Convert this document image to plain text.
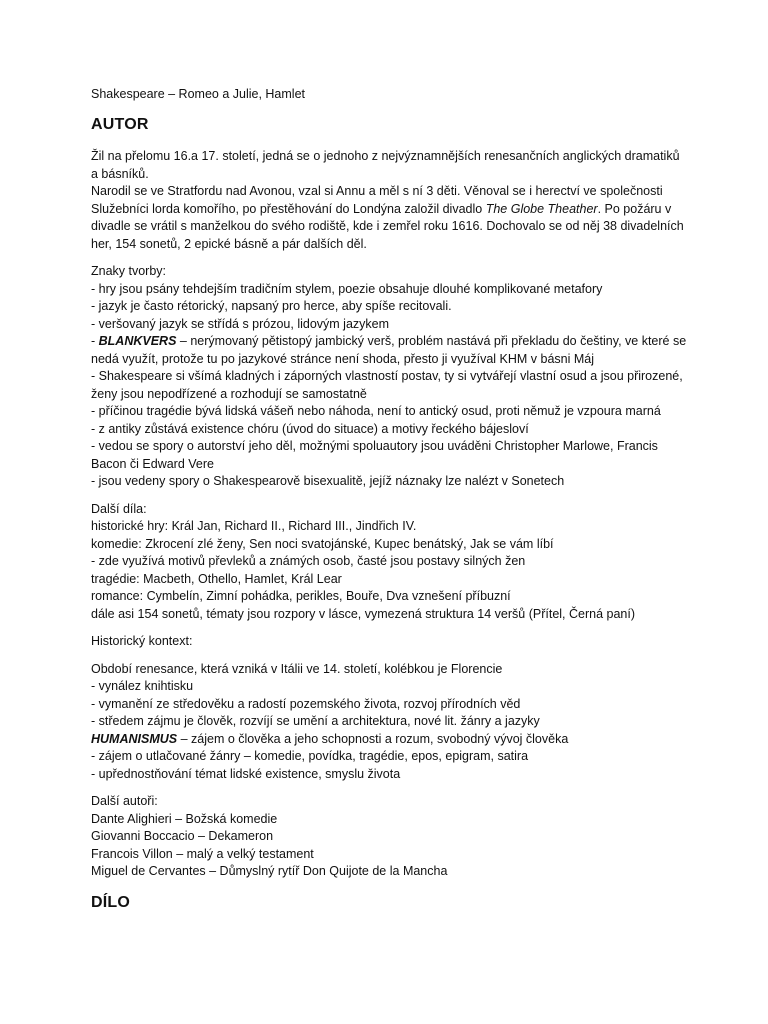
Shakespeare – Romeo a Julie, Hamlet

AUTOR

Žil na přelomu 16.a 17. století, jedná se o jednoho z nejvýznamnějších renesančních anglických dramatiků a básníků.

Narodil se ve Stratfordu nad Avonou, vzal si Annu a měl s ní 3 děti. Věnoval se i herectví ve společnosti Služebníci lorda komořího, po přestěhování do Londýna založil divadlo The Globe Theather. Po požáru v divadle se vrátil s manželkou do svého rodiště, kde i zemřel roku 1616. Dochovalo se od něj 38 divadelních her, 154 sonetů, 2 epické básně a pár dalších děl.

Znaky tvorby:

- hry jsou psány tehdejším tradičním stylem, poezie obsahuje dlouhé komplikované metafory
- jazyk je často rétorický, napsaný pro herce, aby spíše recitovali.
- veršovaný jazyk se střídá s prózou, lidovým jazykem
- BLANKVERS – nerýmovaný pětistopý jambický verš, problém nastává při překladu do češtiny, ve které se nedá využít, protože tu po jazykové stránce není shoda, přesto ji využíval KHM v básni Máj
- Shakespeare si všímá kladných i záporných vlastností postav, ty si vytvářejí vlastní osud a jsou přirozené, ženy jsou nepodřízené a rozhodují se samostatně
- příčinou tragédie bývá lidská vášeň nebo náhoda, není to antický osud, proti němuž je vzpoura marná
- z antiky zůstává existence chóru (úvod do situace) a motivy řeckého bájesloví
- vedou se spory o autorství jeho děl, možnými spoluautory jsou uváděni Christopher Marlowe, Francis Bacon či Edward Vere
- jsou vedeny spory o Shakespearově bisexualitě, jejíž náznaky lze nalézt v Sonetech

Další díla:

historické hry: Král Jan, Richard II., Richard III., Jindřich IV.
komedie: Zkrocení zlé ženy, Sen noci svatojánské, Kupec benátský, Jak se vám líbí
- zde využívá motivů převleků a známých osob, časté jsou postavy silných žen
tragédie: Macbeth, Othello, Hamlet, Král Lear
romance: Cymbelín, Zimní pohádka, perikles, Bouře, Dva vznešení příbuzní
dále asi 154 sonetů, tématy jsou rozpory v lásce, vymezená struktura 14 veršů (Přítel, Černá paní)

Historický kontext:

Období renesance, která vzniká v Itálii ve 14. století, kolébkou je Florencie
- vynález knihtisku
- vymanění ze středověku a radostí pozemského života, rozvoj přírodních věd
- středem zájmu je člověk, rozvíjí se umění a architektura, nové lit. žánry a jazyky
HUMANISMUS – zájem o člověka a jeho schopnosti a rozum, svobodný vývoj člověka
- zájem o utlačované žánry – komedie, povídka, tragédie, epos, epigram, satira
- upřednostňování témat lidské existence, smyslu života

Další autoři:

Dante Alighieri – Božská komedie
Giovanni Boccacio – Dekameron
Francois Villon – malý a velký testament
Miguel de Cervantes – Důmyslný rytíř Don Quijote de la Mancha

DÍLO
